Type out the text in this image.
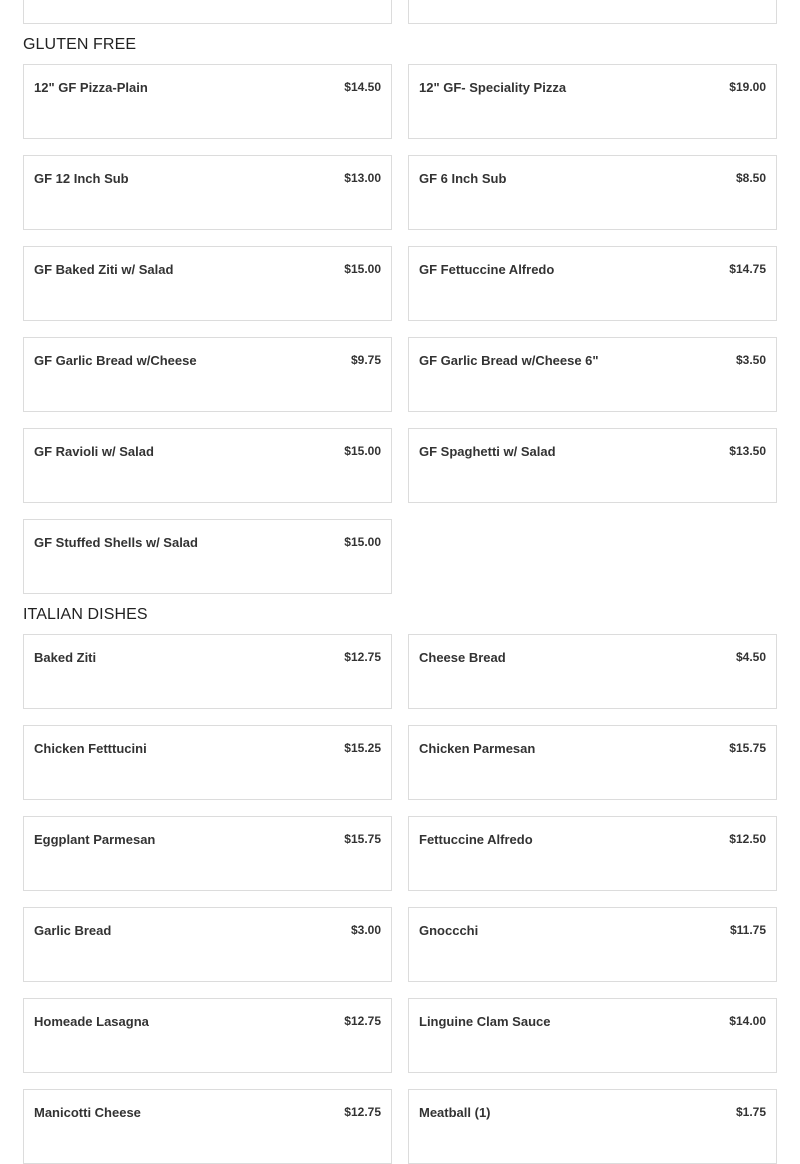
GLUTEN FREE
12" GF Pizza-Plain	$14.50	12" GF- Speciality Pizza	$19.00
GF 12 Inch Sub	$13.00	GF 6 Inch Sub	$8.50
GF Baked Ziti w/ Salad	$15.00	GF Fettuccine Alfredo	$14.75
GF Garlic Bread w/Cheese	$9.75	GF Garlic Bread w/Cheese 6"	$3.50
GF Ravioli w/ Salad	$15.00	GF Spaghetti w/ Salad	$13.50
GF Stuffed Shells w/ Salad	$15.00
ITALIAN DISHES
Baked Ziti	$12.75	Cheese Bread	$4.50
Chicken Fetttucini	$15.25	Chicken Parmesan	$15.75
Eggplant Parmesan	$15.75	Fettuccine Alfredo	$12.50
Garlic Bread	$3.00	Gnoccchi	$11.75
Homeade Lasagna	$12.75	Linguine Clam Sauce	$14.00
Manicotti Cheese	$12.75	Meatball (1)	$1.75
